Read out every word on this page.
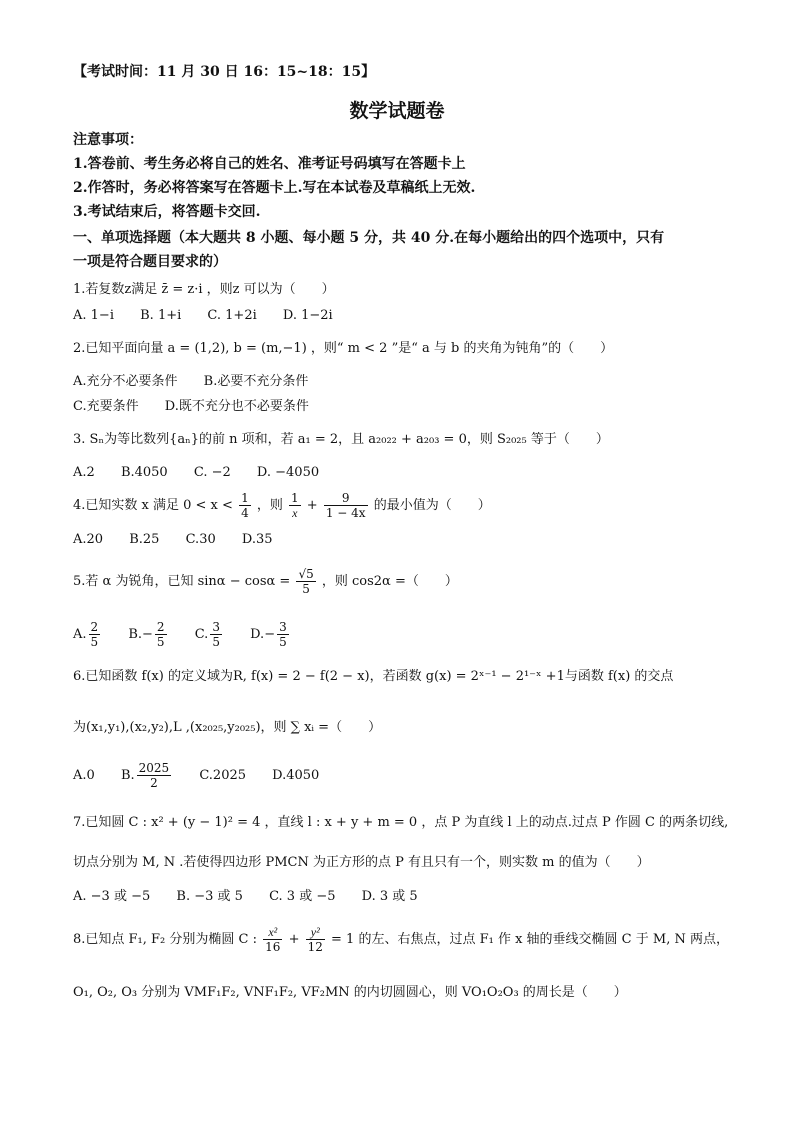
【考试时间：11 月 30 日 16：15~18：15】
数学试题卷
注意事项：
1.答卷前、考生务必将自己的姓名、准考证号码填写在答题卡上
2.作答时，务必将答案写在答题卡上.写在本试卷及草稿纸上无效.
3.考试结束后，将答题卡交回.
一、单项选择题（本大题共 8 小题、每小题 5 分，共 40 分.在每小题给出的四个选项中，只有
一项是符合题目要求的）
1.若复数z满足 z̄ = z·i ，则z 可以为（　　）
A. 1−i B. 1+i C. 1+2i D. 1−2i
2.已知平面向量 a = (1,2), b = (m,−1) ，则“ m < 2 ”是“ a 与 b 的夹角为钝角”的（　　）
A.充分不必要条件 B.必要不充分条件
C.充要条件 D.既不充分也不必要条件
3. Sₙ为等比数列{aₙ}的前 n 项和，若 a₁ = 2，且 a₂₀₂₂ + a₂₀₃ = 0，则 S₂₀₂₅ 等于（　　）
A.2 B.4050 C. −2 D. −4050
4.已知实数 x 满足 $0 < x < \frac{1}{4}$ ，则 $\frac{1}{x} + \frac{9}{1 - 4x}$ 的最小值为（　　）
A.20 B.25 C.30 D.35
5.若 α 为锐角，已知 $\sin\alpha - \cos\alpha = \frac{√5}{5}$ ，则 cos2α =（　　）
A. $\frac{2}{5} B.- \frac{2}{5} C$. $\frac{3}{5} D.- \frac{3}{5}$
6.已知函数 f(x) 的定义域为R, f(x) = 2 − f(2 − x)，若函数 g(x) = 2ˣ⁻¹ − 2¹⁻ˣ +1与函数 f(x) 的交点
为(x₁,y₁),(x₂,y₂),L ,(x₂₀₂₅,y₂₀₂₅)，则 ∑ xᵢ =（　　）
A.0 B. $\frac{2025}{2} C.2025$ D.4050
7.已知圆 C : x² + (y − 1)² = 4 ，直线 l : x + y + m = 0 ，点 P 为直线 l 上的动点.过点 P 作圆 C 的两条切线,
切点分别为 M, N .若使得四边形 PMCN 为正方形的点 P 有且只有一个，则实数 m 的值为（　　）
A. −3 或 −5 B. −3 或 5 C. 3 或 −5 D. 3 或 5
8.已知点 F₁, F₂ 分别为椭圆 C : $\frac{\text{x²}}{16} + \frac{\text{y²}}{12} = 1$ 的左、右焦点，过点 F₁ 作 x 轴的垂线交椭圆 C 于 M, N 两点，
O₁, O₂, O₃ 分别为 VMF₁F₂, VNF₁F₂, VF₂MN 的内切圆圆心，则 VO₁O₂O₃ 的周长是（　　）
